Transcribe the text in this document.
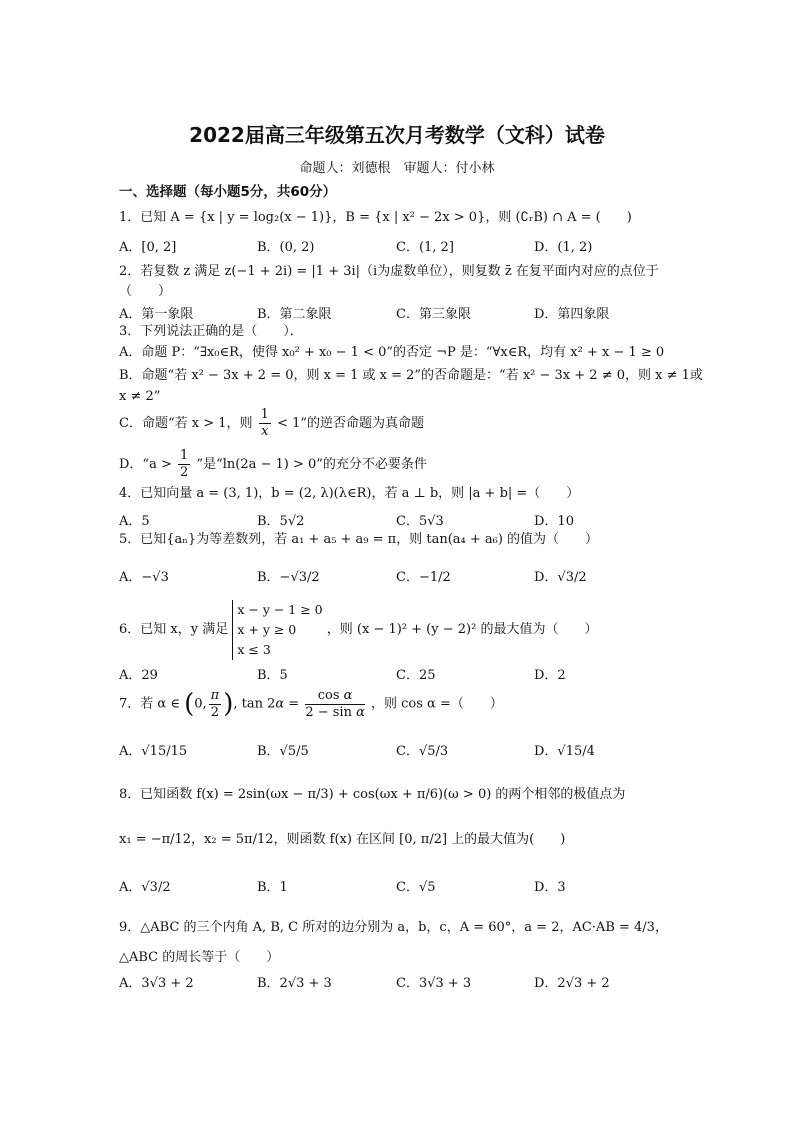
2022届高三年级第五次月考数学（文科）试卷
命题人：刘德根　审题人：付小林
一、选择题（每小题5分，共60分）
1．已知 A = {x | y = log₂(x − 1)}，B = {x | x² − 2x > 0}，则 (∁ᵣB) ∩ A = (　　)
A．[0, 2]	B．(0, 2)	C．(1, 2]	D．(1, 2)
2．若复数 z 满足 z(−1 + 2i) = |1 + 3i|（i为虚数单位），则复数 z̄ 在复平面内对应的点位于
（　　）
A．第一象限	B．第二象限	C．第三象限	D．第四象限
3．下列说法正确的是（　　）．
A．命题 P：“∃x₀∈R，使得 x₀² + x₀ − 1 < 0”的否定 ¬P 是：“∀x∈R，均有 x² + x − 1 ≥ 0
B．命题“若 x² − 3x + 2 = 0，则 x = 1 或 x = 2”的否命题是：“若 x² − 3x + 2 ≠ 0，则 x ≠ 1或
x ≠ 2”
C．命题“若 x > 1，则 $\frac{1}{x} < 1$”的逆否命题为真命题
D．“$a > \frac{1}{2}$ ”是“ln(2a − 1) > 0”的充分不必要条件
4．已知向量 a = (3, 1)，b = (2, λ)(λ∈R)，若 a ⊥ b，则 |a + b| =（　　）
A．5	B．5√2	C．5√3	D．10
5．已知{aₙ}为等差数列，若 a₁ + a₅ + a₉ = π，则 tan(a₄ + a₆) 的值为（　　）
A．−√3	B．−√3/2	C．−1/2	D．√3/2
6．已知 x，y 满足
x − y − 1 ≥ 0
x + y ≥ 0
x ≤ 3
，则 (x − 1)² + (y − 2)² 的最大值为（　　）
A．29	B．5	C．25	D．2
7．若 α ∈ (0, $\frac{\pi}{2}$ ), $\tan 2\alpha = \frac{\text{cos α}}{\text{2 − sin α}}$ ，则 cos α =（　　）
A．√15/15	B．√5/5	C．√5/3	D．√15/4
8．已知函数 f(x) = 2sin(ωx − π/3) + cos(ωx + π/6)(ω > 0) 的两个相邻的极值点为
x₁ = −π/12，x₂ = 5π/12，则函数 f(x) 在区间 [0, π/2] 上的最大值为(　　)
A．√3/2	B．1	C．√5	D．3
9．△ABC 的三个内角 A, B, C 所对的边分别为 a，b，c，A = 60°，a = 2，AC·AB = 4/3，
△ABC 的周长等于（　　）
A．3√3 + 2	B．2√3 + 3	C．3√3 + 3	D．2√3 + 2
